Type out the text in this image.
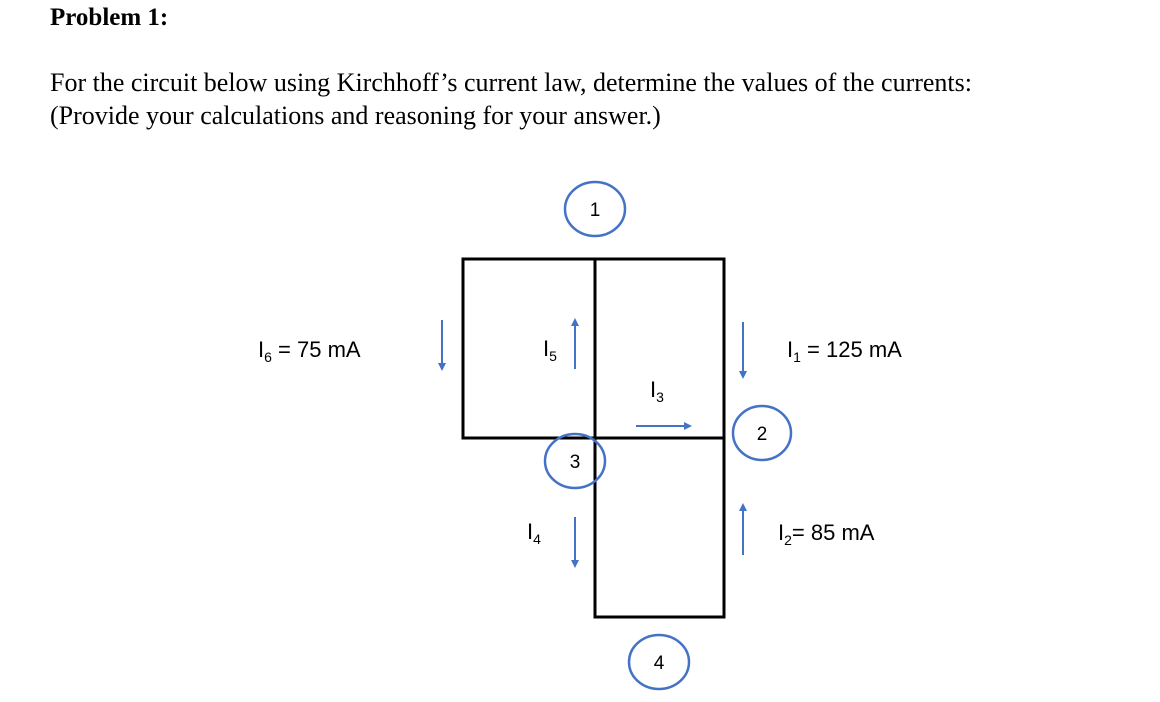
Problem 1:
For the circuit below using Kirchhoff’s current law, determine the values of the currents:
(Provide your calculations and reasoning for your answer.)
$I_6 = 75$ mA	$I_5$	$I_1 = 125$ mA
$I_3$
$I_4$	$I_2= 85$ mA
1
2
3
4
